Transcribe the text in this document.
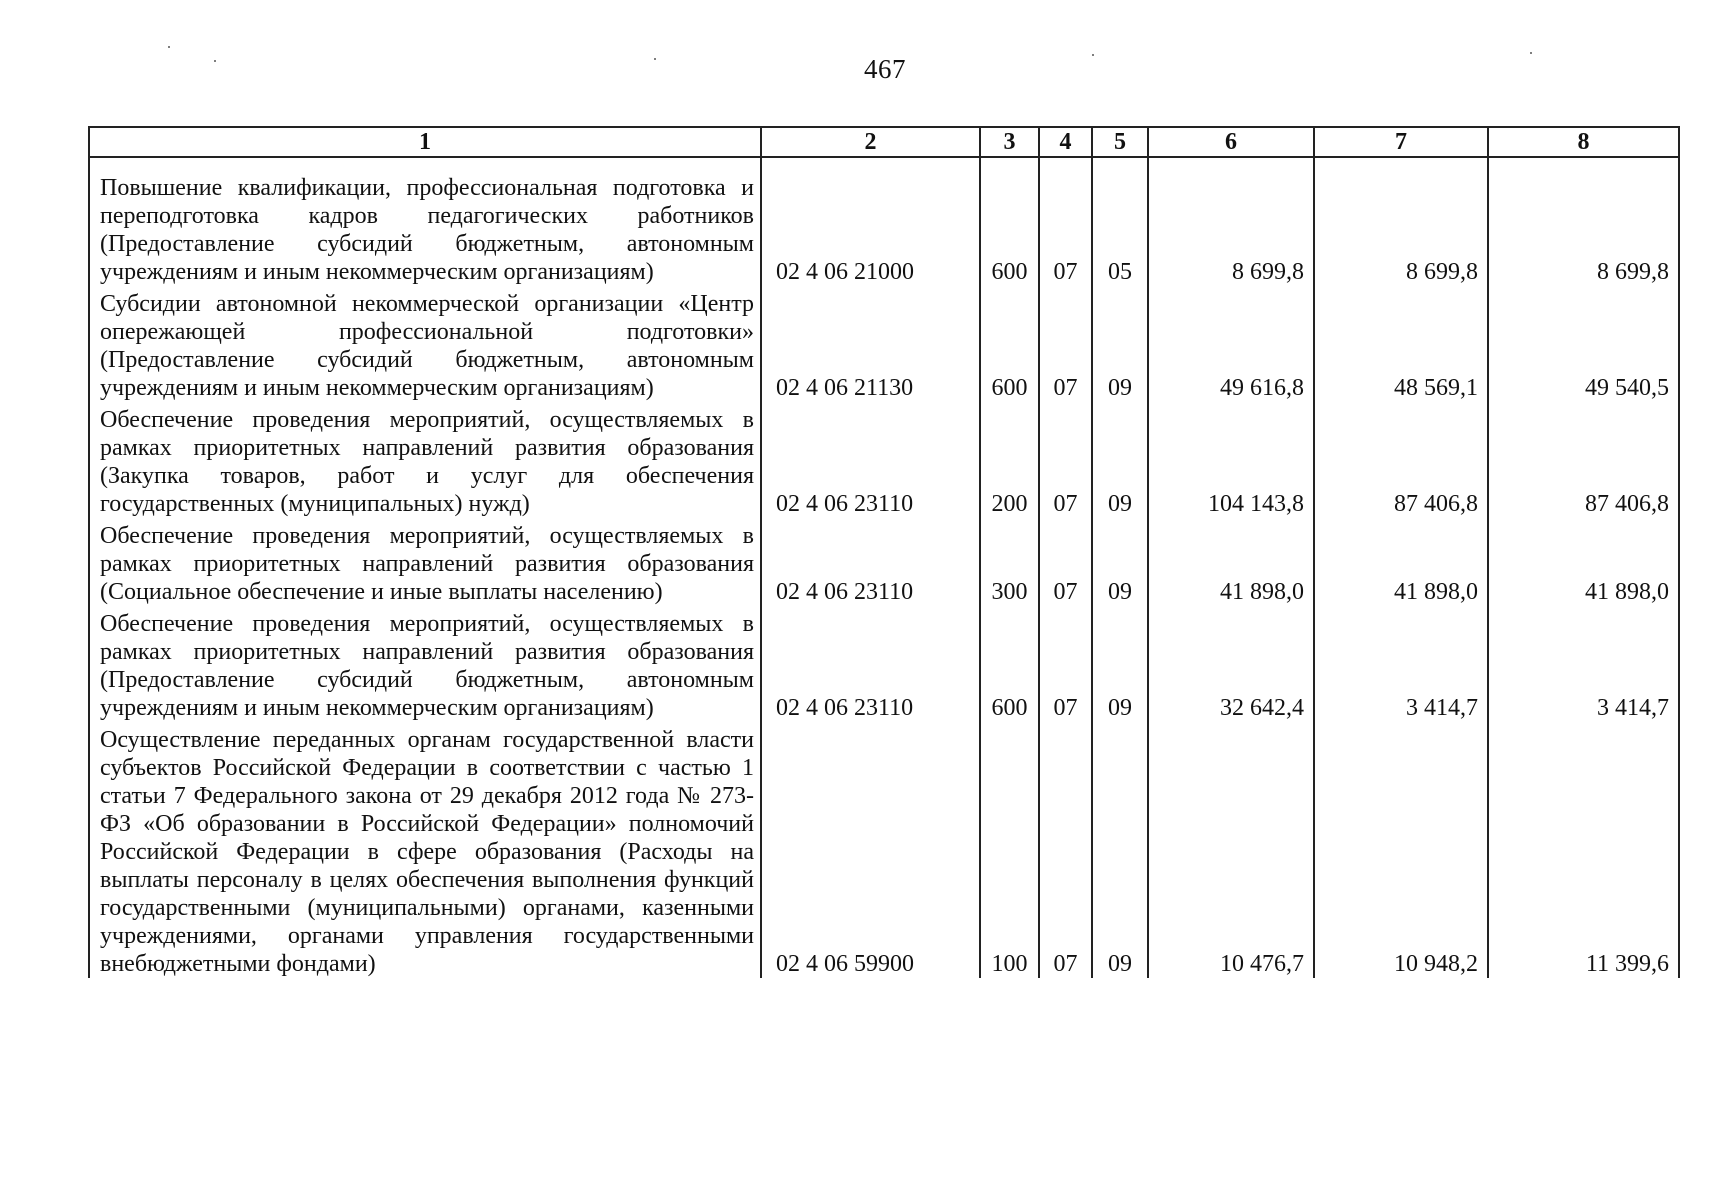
467
1	2	3	4	5	6	7	8
Повышение квалификации, профессиональная подготовка и переподготовка кадров педагогических работников (Предоставление субсидий бюджетным, автономным учреждениям и иным некоммерческим организациям)	02 4 06 21000	600	07	05	8 699,8	8 699,8	8 699,8
Субсидии автономной некоммерческой организации «Центр опережающей профессиональной подготовки» (Предоставление субсидий бюджетным, автономным учреждениям и иным некоммерческим организациям)	02 4 06 21130	600	07	09	49 616,8	48 569,1	49 540,5
Обеспечение проведения мероприятий, осуществляемых в рамках приоритетных направлений развития образования (Закупка товаров, работ и услуг для обеспечения государственных (муниципальных) нужд)	02 4 06 23110	200	07	09	104 143,8	87 406,8	87 406,8
Обеспечение проведения мероприятий, осуществляемых в рамках приоритетных направлений развития образования (Социальное обеспечение и иные выплаты населению)	02 4 06 23110	300	07	09	41 898,0	41 898,0	41 898,0
Обеспечение проведения мероприятий, осуществляемых в рамках приоритетных направлений развития образования (Предоставление субсидий бюджетным, автономным учреждениям и иным некоммерческим организациям)	02 4 06 23110	600	07	09	32 642,4	3 414,7	3 414,7
Осуществление переданных органам государственной власти субъектов Российской Федерации в соответствии с частью 1 статьи 7 Федерального закона от 29 декабря 2012 года № 273-ФЗ «Об образовании в Российской Федерации» полномочий Российской Федерации в сфере образования (Расходы на выплаты персоналу в целях обеспечения выполнения функций государственными (муниципальными) органами, казенными учреждениями, органами управления государственными внебюджетными фондами)	02 4 06 59900	100	07	09	10 476,7	10 948,2	11 399,6
